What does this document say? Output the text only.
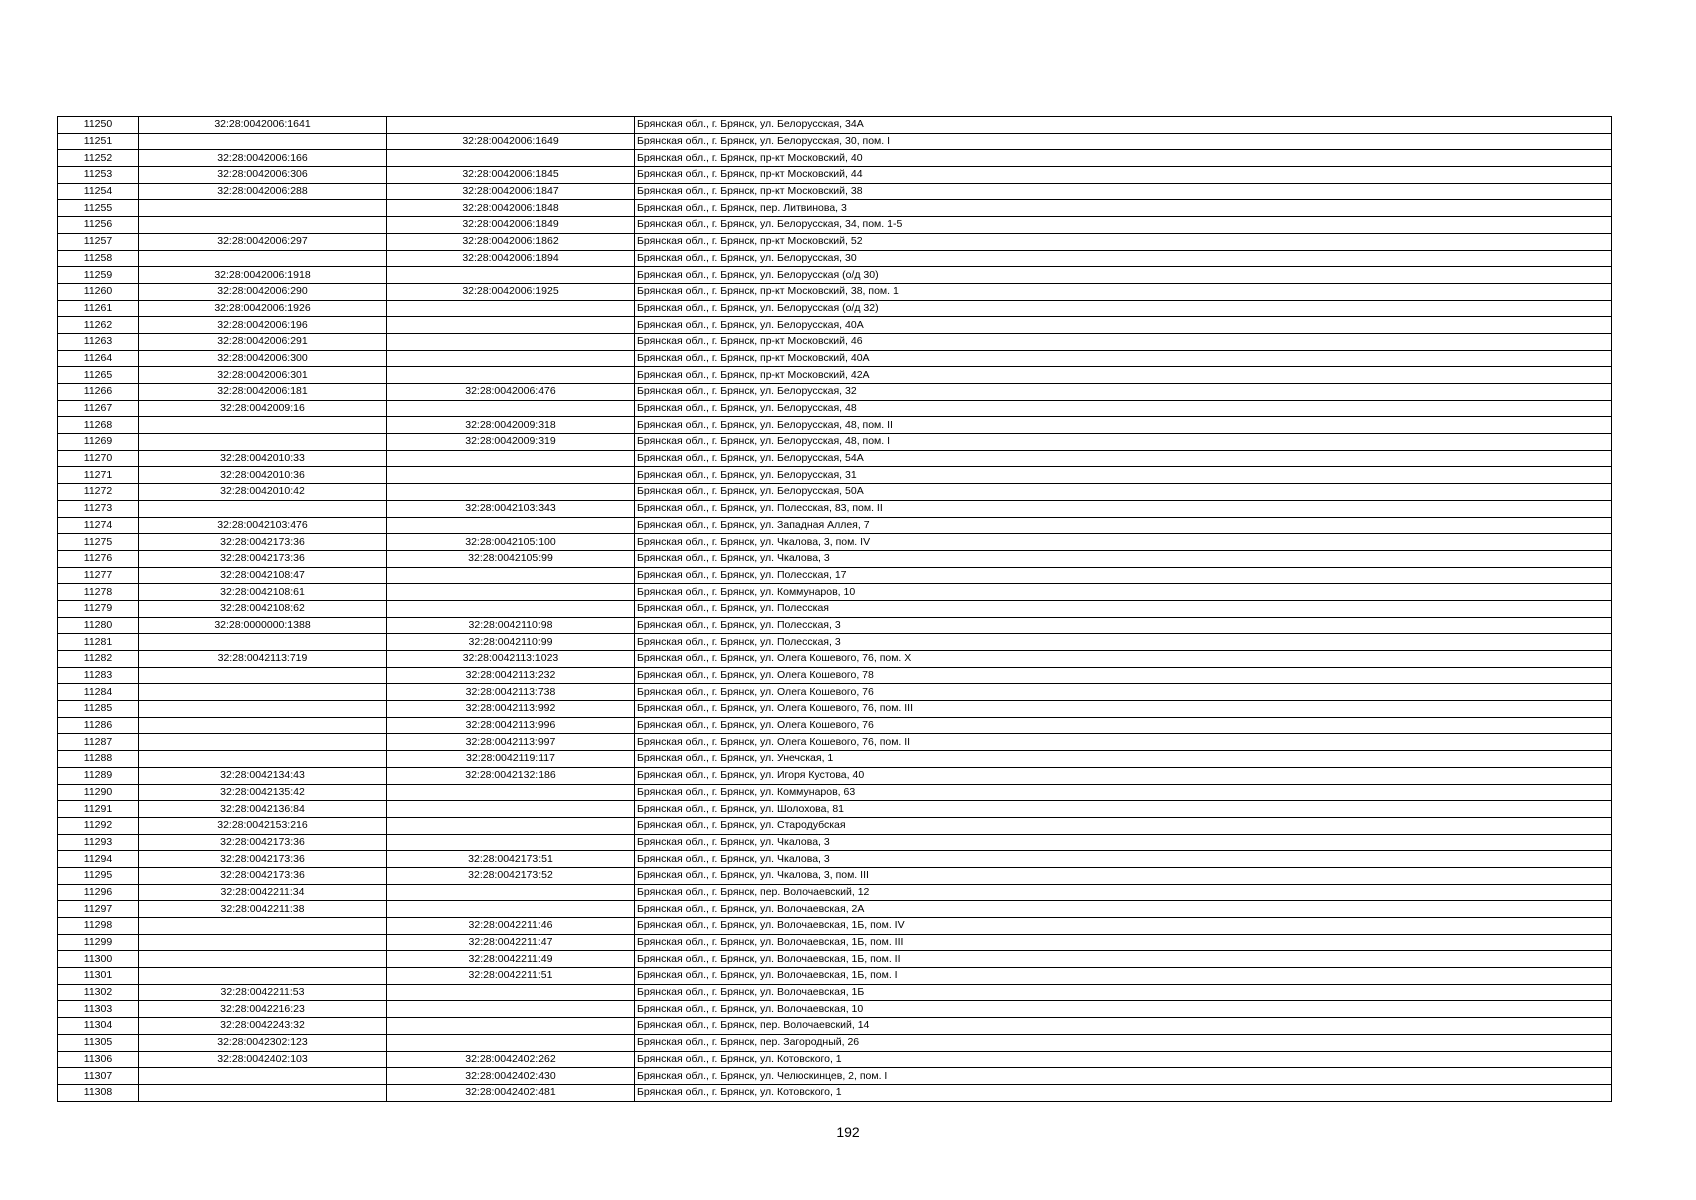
11250	32:28:0042006:1641		Брянская обл., г. Брянск, ул. Белорусская, 34А
11251		32:28:0042006:1649	Брянская обл., г. Брянск, ул. Белорусская, 30, пом. I
11252	32:28:0042006:166		Брянская обл., г. Брянск, пр-кт Московский, 40
11253	32:28:0042006:306	32:28:0042006:1845	Брянская обл., г. Брянск, пр-кт Московский, 44
11254	32:28:0042006:288	32:28:0042006:1847	Брянская обл., г. Брянск, пр-кт Московский, 38
11255		32:28:0042006:1848	Брянская обл., г. Брянск, пер. Литвинова, 3
11256		32:28:0042006:1849	Брянская обл., г. Брянск, ул. Белорусская, 34, пом. 1-5
11257	32:28:0042006:297	32:28:0042006:1862	Брянская обл., г. Брянск, пр-кт Московский, 52
11258		32:28:0042006:1894	Брянская обл., г. Брянск, ул. Белорусская, 30
11259	32:28:0042006:1918		Брянская обл., г. Брянск, ул. Белорусская (о/д 30)
11260	32:28:0042006:290	32:28:0042006:1925	Брянская обл., г. Брянск, пр-кт Московский, 38, пом. 1
11261	32:28:0042006:1926		Брянская обл., г. Брянск, ул. Белорусская (о/д 32)
11262	32:28:0042006:196		Брянская обл., г. Брянск, ул. Белорусская, 40А
11263	32:28:0042006:291		Брянская обл., г. Брянск, пр-кт Московский, 46
11264	32:28:0042006:300		Брянская обл., г. Брянск, пр-кт Московский, 40А
11265	32:28:0042006:301		Брянская обл., г. Брянск, пр-кт Московский, 42А
11266	32:28:0042006:181	32:28:0042006:476	Брянская обл., г. Брянск, ул. Белорусская, 32
11267	32:28:0042009:16		Брянская обл., г. Брянск, ул. Белорусская, 48
11268		32:28:0042009:318	Брянская обл., г. Брянск, ул. Белорусская, 48, пом. II
11269		32:28:0042009:319	Брянская обл., г. Брянск, ул. Белорусская, 48, пом. I
11270	32:28:0042010:33		Брянская обл., г. Брянск, ул. Белорусская, 54А
11271	32:28:0042010:36		Брянская обл., г. Брянск, ул. Белорусская, 31
11272	32:28:0042010:42		Брянская обл., г. Брянск, ул. Белорусская, 50А
11273		32:28:0042103:343	Брянская обл., г. Брянск, ул. Полесская, 83, пом. II
11274	32:28:0042103:476		Брянская обл., г. Брянск, ул. Западная Аллея, 7
11275	32:28:0042173:36	32:28:0042105:100	Брянская обл., г. Брянск, ул. Чкалова, 3, пом. IV
11276	32:28:0042173:36	32:28:0042105:99	Брянская обл., г. Брянск, ул. Чкалова, 3
11277	32:28:0042108:47		Брянская обл., г. Брянск, ул. Полесская, 17
11278	32:28:0042108:61		Брянская обл., г. Брянск, ул. Коммунаров, 10
11279	32:28:0042108:62		Брянская обл., г. Брянск, ул. Полесская
11280	32:28:0000000:1388	32:28:0042110:98	Брянская обл., г. Брянск, ул. Полесская, 3
11281		32:28:0042110:99	Брянская обл., г. Брянск, ул. Полесская, 3
11282	32:28:0042113:719	32:28:0042113:1023	Брянская обл., г. Брянск, ул. Олега Кошевого, 76, пом. X
11283		32:28:0042113:232	Брянская обл., г. Брянск, ул. Олега Кошевого, 78
11284		32:28:0042113:738	Брянская обл., г. Брянск, ул. Олега Кошевого, 76
11285		32:28:0042113:992	Брянская обл., г. Брянск, ул. Олега Кошевого, 76, пом. III
11286		32:28:0042113:996	Брянская обл., г. Брянск, ул. Олега Кошевого, 76
11287		32:28:0042113:997	Брянская обл., г. Брянск, ул. Олега Кошевого, 76, пом. II
11288		32:28:0042119:117	Брянская обл., г. Брянск, ул. Унечская, 1
11289	32:28:0042134:43	32:28:0042132:186	Брянская обл., г. Брянск, ул. Игоря Кустова, 40
11290	32:28:0042135:42		Брянская обл., г. Брянск, ул. Коммунаров, 63
11291	32:28:0042136:84		Брянская обл., г. Брянск, ул. Шолохова, 81
11292	32:28:0042153:216		Брянская обл., г. Брянск, ул. Стародубская
11293	32:28:0042173:36		Брянская обл., г. Брянск, ул. Чкалова, 3
11294	32:28:0042173:36	32:28:0042173:51	Брянская обл., г. Брянск, ул. Чкалова, 3
11295	32:28:0042173:36	32:28:0042173:52	Брянская обл., г. Брянск, ул. Чкалова, 3, пом. III
11296	32:28:0042211:34		Брянская обл., г. Брянск, пер. Волочаевский, 12
11297	32:28:0042211:38		Брянская обл., г. Брянск, ул. Волочаевская, 2А
11298		32:28:0042211:46	Брянская обл., г. Брянск, ул. Волочаевская, 1Б, пом. IV
11299		32:28:0042211:47	Брянская обл., г. Брянск, ул. Волочаевская, 1Б, пом. III
11300		32:28:0042211:49	Брянская обл., г. Брянск, ул. Волочаевская, 1Б, пом. II
11301		32:28:0042211:51	Брянская обл., г. Брянск, ул. Волочаевская, 1Б, пом. I
11302	32:28:0042211:53		Брянская обл., г. Брянск, ул. Волочаевская, 1Б
11303	32:28:0042216:23		Брянская обл., г. Брянск, ул. Волочаевская, 10
11304	32:28:0042243:32		Брянская обл., г. Брянск, пер. Волочаевский, 14
11305	32:28:0042302:123		Брянская обл., г. Брянск, пер. Загородный, 26
11306	32:28:0042402:103	32:28:0042402:262	Брянская обл., г. Брянск, ул. Котовского, 1
11307		32:28:0042402:430	Брянская обл., г. Брянск, ул. Челюскинцев, 2, пом. I
11308		32:28:0042402:481	Брянская обл., г. Брянск, ул. Котовского, 1
192
